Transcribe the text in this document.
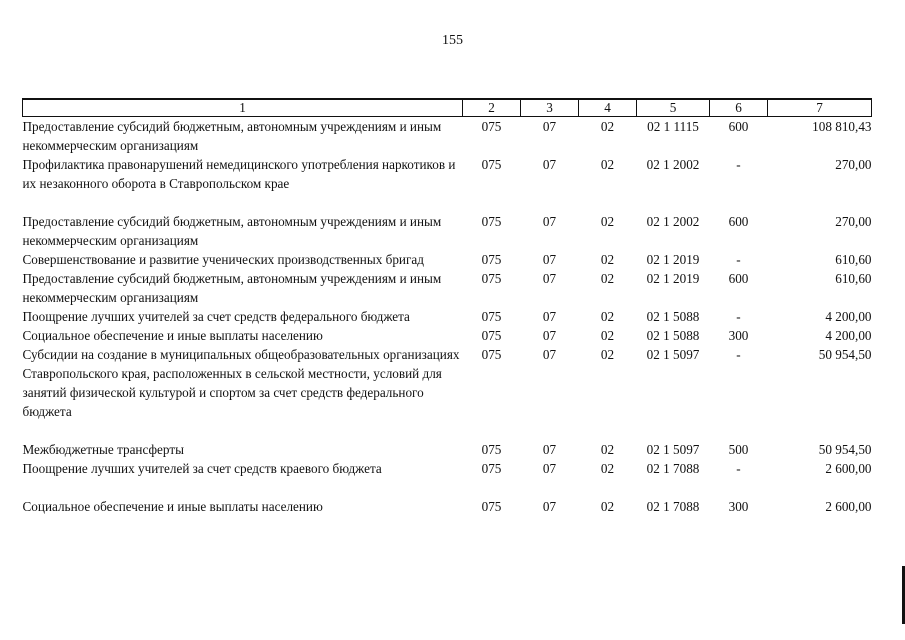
155
1	2	3	4	5	6	7
Предоставление субсидий бюджетным, автономным учреждениям и иным некоммерческим организациям	075	07	02	02 1 1115	600	108 810,43
Профилактика правонарушений немедицинского употребления наркотиков и их незаконного оборота в Ставропольском крае	075	07	02	02 1 2002	-	270,00
Предоставление субсидий бюджетным, автономным учреждениям и иным некоммерческим организациям	075	07	02	02 1 2002	600	270,00
Совершенствование и развитие ученических производственных бригад	075	07	02	02 1 2019	-	610,60
Предоставление субсидий бюджетным, автономным учреждениям и иным некоммерческим организациям	075	07	02	02 1 2019	600	610,60
Поощрение лучших учителей за счет средств федерального бюджета	075	07	02	02 1 5088	-	4 200,00
Социальное обеспечение и иные выплаты населению	075	07	02	02 1 5088	300	4 200,00
Субсидии на создание в муниципальных общеобразовательных организациях Ставропольского края, расположенных в сельской местности, условий для занятий физической культурой и спортом за счет средств федерального бюджета	075	07	02	02 1 5097	-	50 954,50
Межбюджетные трансферты	075	07	02	02 1 5097	500	50 954,50
Поощрение лучших учителей за счет средств краевого бюджета	075	07	02	02 1 7088	-	2 600,00
Социальное обеспечение и иные выплаты населению	075	07	02	02 1 7088	300	2 600,00
